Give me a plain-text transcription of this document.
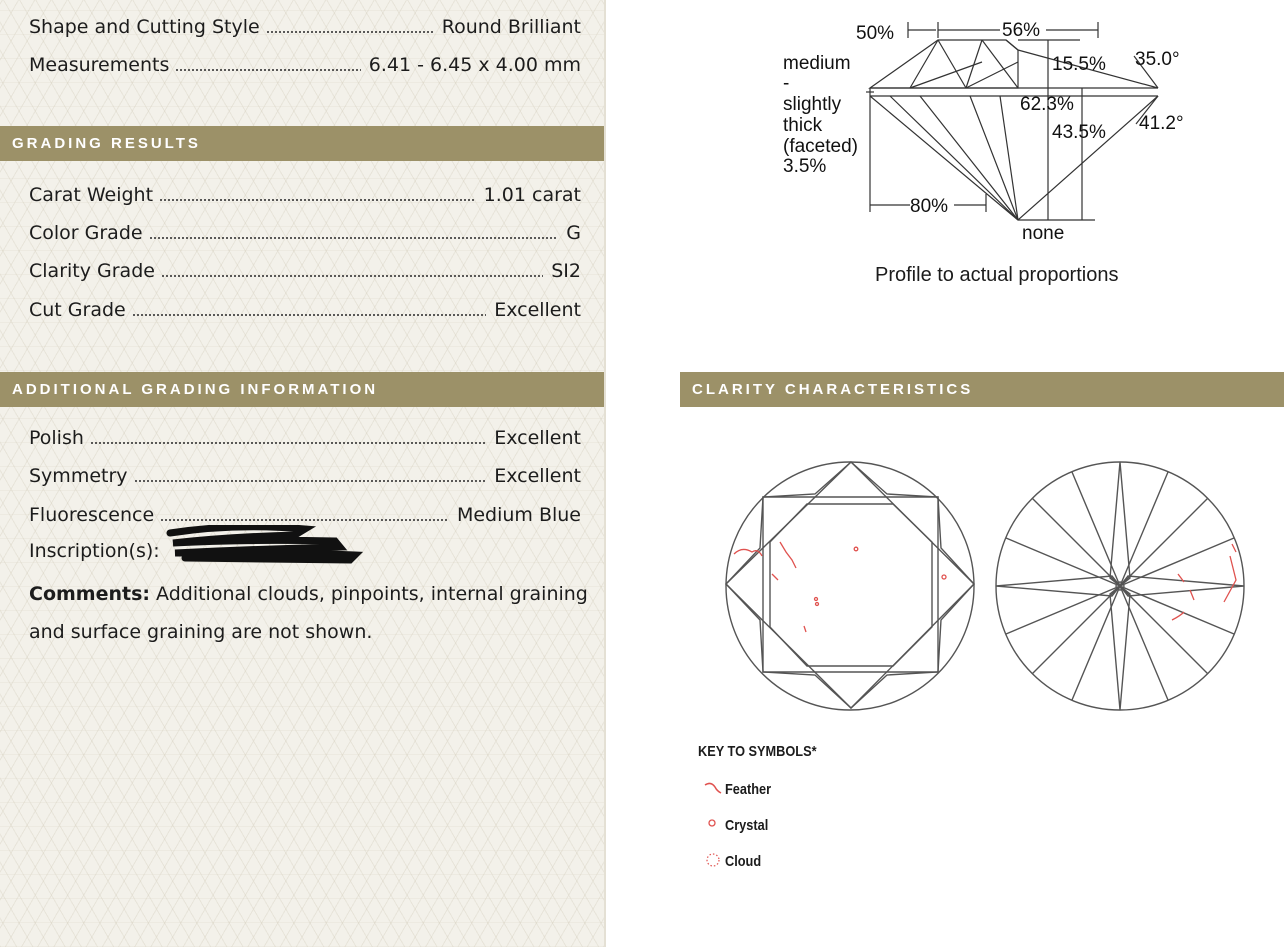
Shape and Cutting Style	Round Brilliant
Measurements	6.41 - 6.45 x 4.00 mm
GRADING RESULTS
Carat Weight	1.01 carat
Color Grade	G
Clarity Grade	SI2
Cut Grade	Excellent
ADDITIONAL GRADING INFORMATION
Polish	Excellent
Symmetry	Excellent
Fluorescence	Medium Blue
Inscription(s):
Comments: Additional clouds, pinpoints, internal graining and surface graining are not shown.
50%	56%
15.5% 35.0°
62.3%
43.5% 41.2°
80%
none
medium
-
slightly
thick
(faceted)
3.5%
Profile to actual proportions
CLARITY CHARACTERISTICS
KEY TO SYMBOLS*
Feather
Crystal
Cloud
